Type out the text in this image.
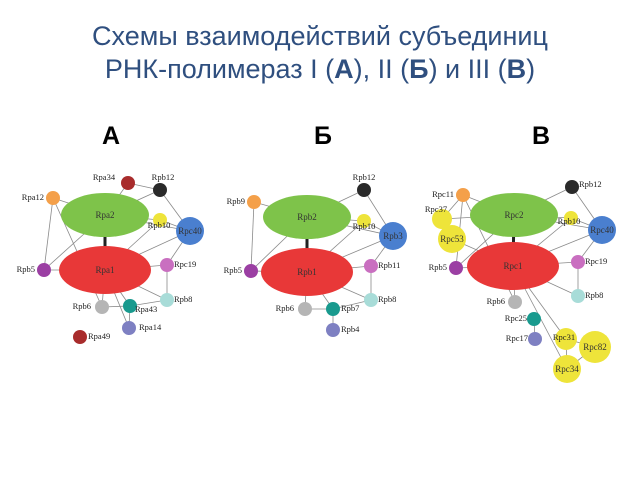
Схемы взаимодействий субъединиц
РНК-полимераз I (А), II (Б) и III (В)
А	Б	В
Rpa2
Rpa1
Rpa34	Rpb12
Rpa12
Rpb10
Rpc40
Rpb5	Rpc19
Rpb8
Rpb6	Rpa43
Rpa14
Rpa49
Rpb2
Rpb1
Rpb12
Rpb9
Rpb10
Rpb3
Rpb5	Rpb11
Rpb8
Rpb6	Rpb7
Rpb4
Rpc2
Rpc1
Rpc11
Rpb12
Rpc37
Rpc53
Rpb10
Rpc40
Rpb5
Rpc19
Rpb8
Rpb6
Rpc25
Rpc17	Rpc31
Rpc82
Rpc34
